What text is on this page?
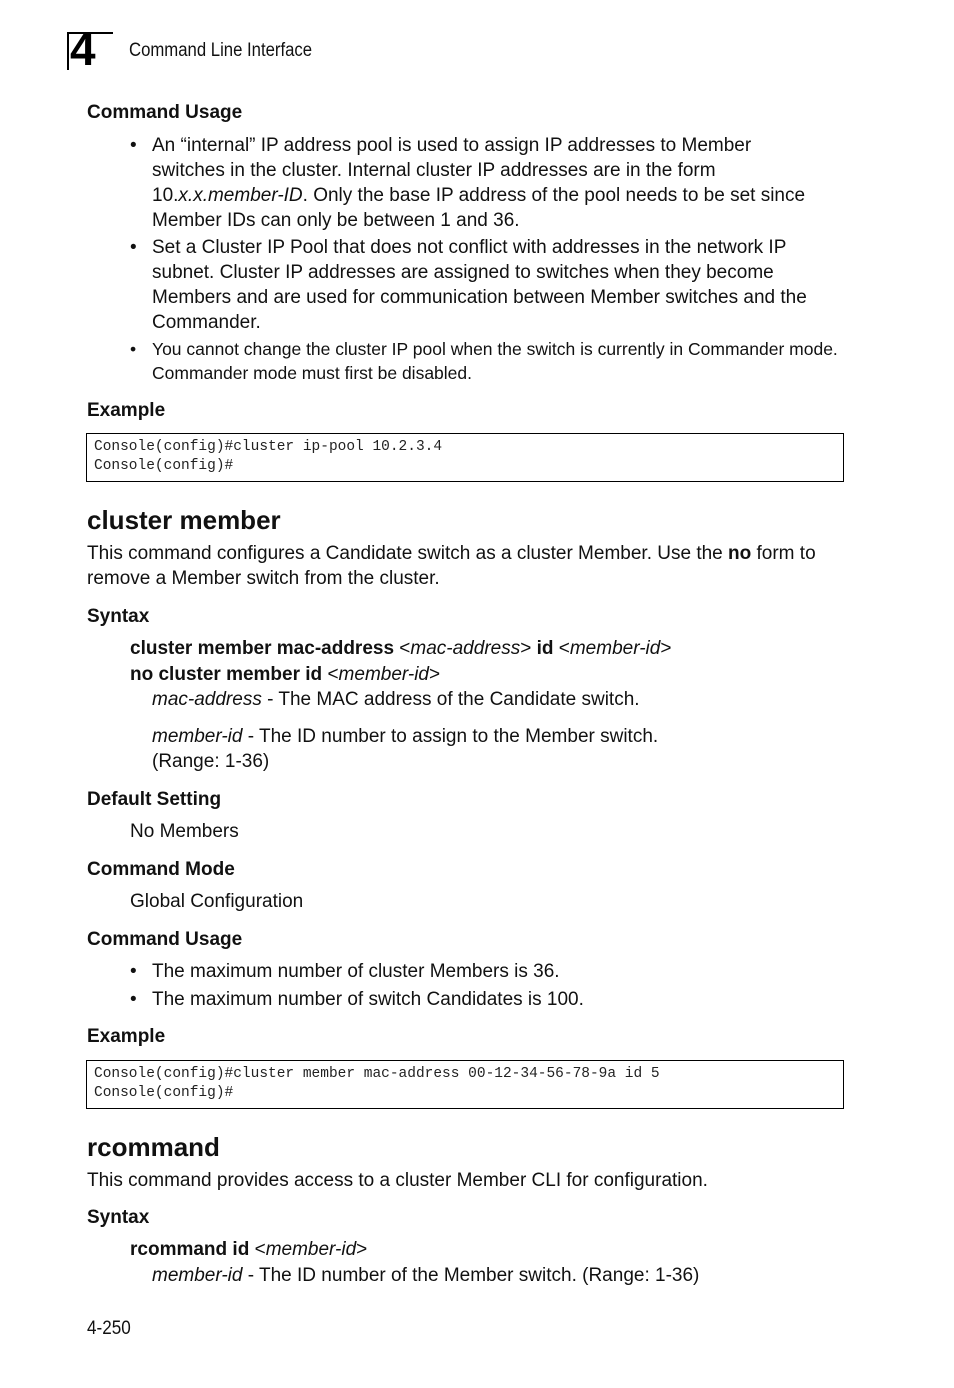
4 Command Line Interface
Command Usage
• An “internal” IP address pool is used to assign IP addresses to Member
switches in the cluster. Internal cluster IP addresses are in the form
10.x.x.member-ID. Only the base IP address of the pool needs to be set since
Member IDs can only be between 1 and 36.
• Set a Cluster IP Pool that does not conflict with addresses in the network IP subnet. Cluster IP addresses are assigned to switches when they become Members and are used for communication between Member switches and the Commander.
• You cannot change the cluster IP pool when the switch is currently in Commander mode. Commander mode must first be disabled.
Example
Console(config)#cluster ip-pool 10.2.3.4
Console(config)#
cluster member
This command configures a Candidate switch as a cluster Member. Use the no form to remove a Member switch from the cluster.
Syntax
cluster member mac-address <mac-address> id <member-id>
no cluster member id <member-id>
mac-address - The MAC address of the Candidate switch.
member-id - The ID number to assign to the Member switch.
(Range: 1-36)
Default Setting
No Members
Command Mode
Global Configuration
Command Usage
• The maximum number of cluster Members is 36.
• The maximum number of switch Candidates is 100.
Example
Console(config)#cluster member mac-address 00-12-34-56-78-9a id 5
Console(config)#
rcommand
This command provides access to a cluster Member CLI for configuration.
Syntax
rcommand id <member-id>
member-id - The ID number of the Member switch. (Range: 1-36)
4-250
